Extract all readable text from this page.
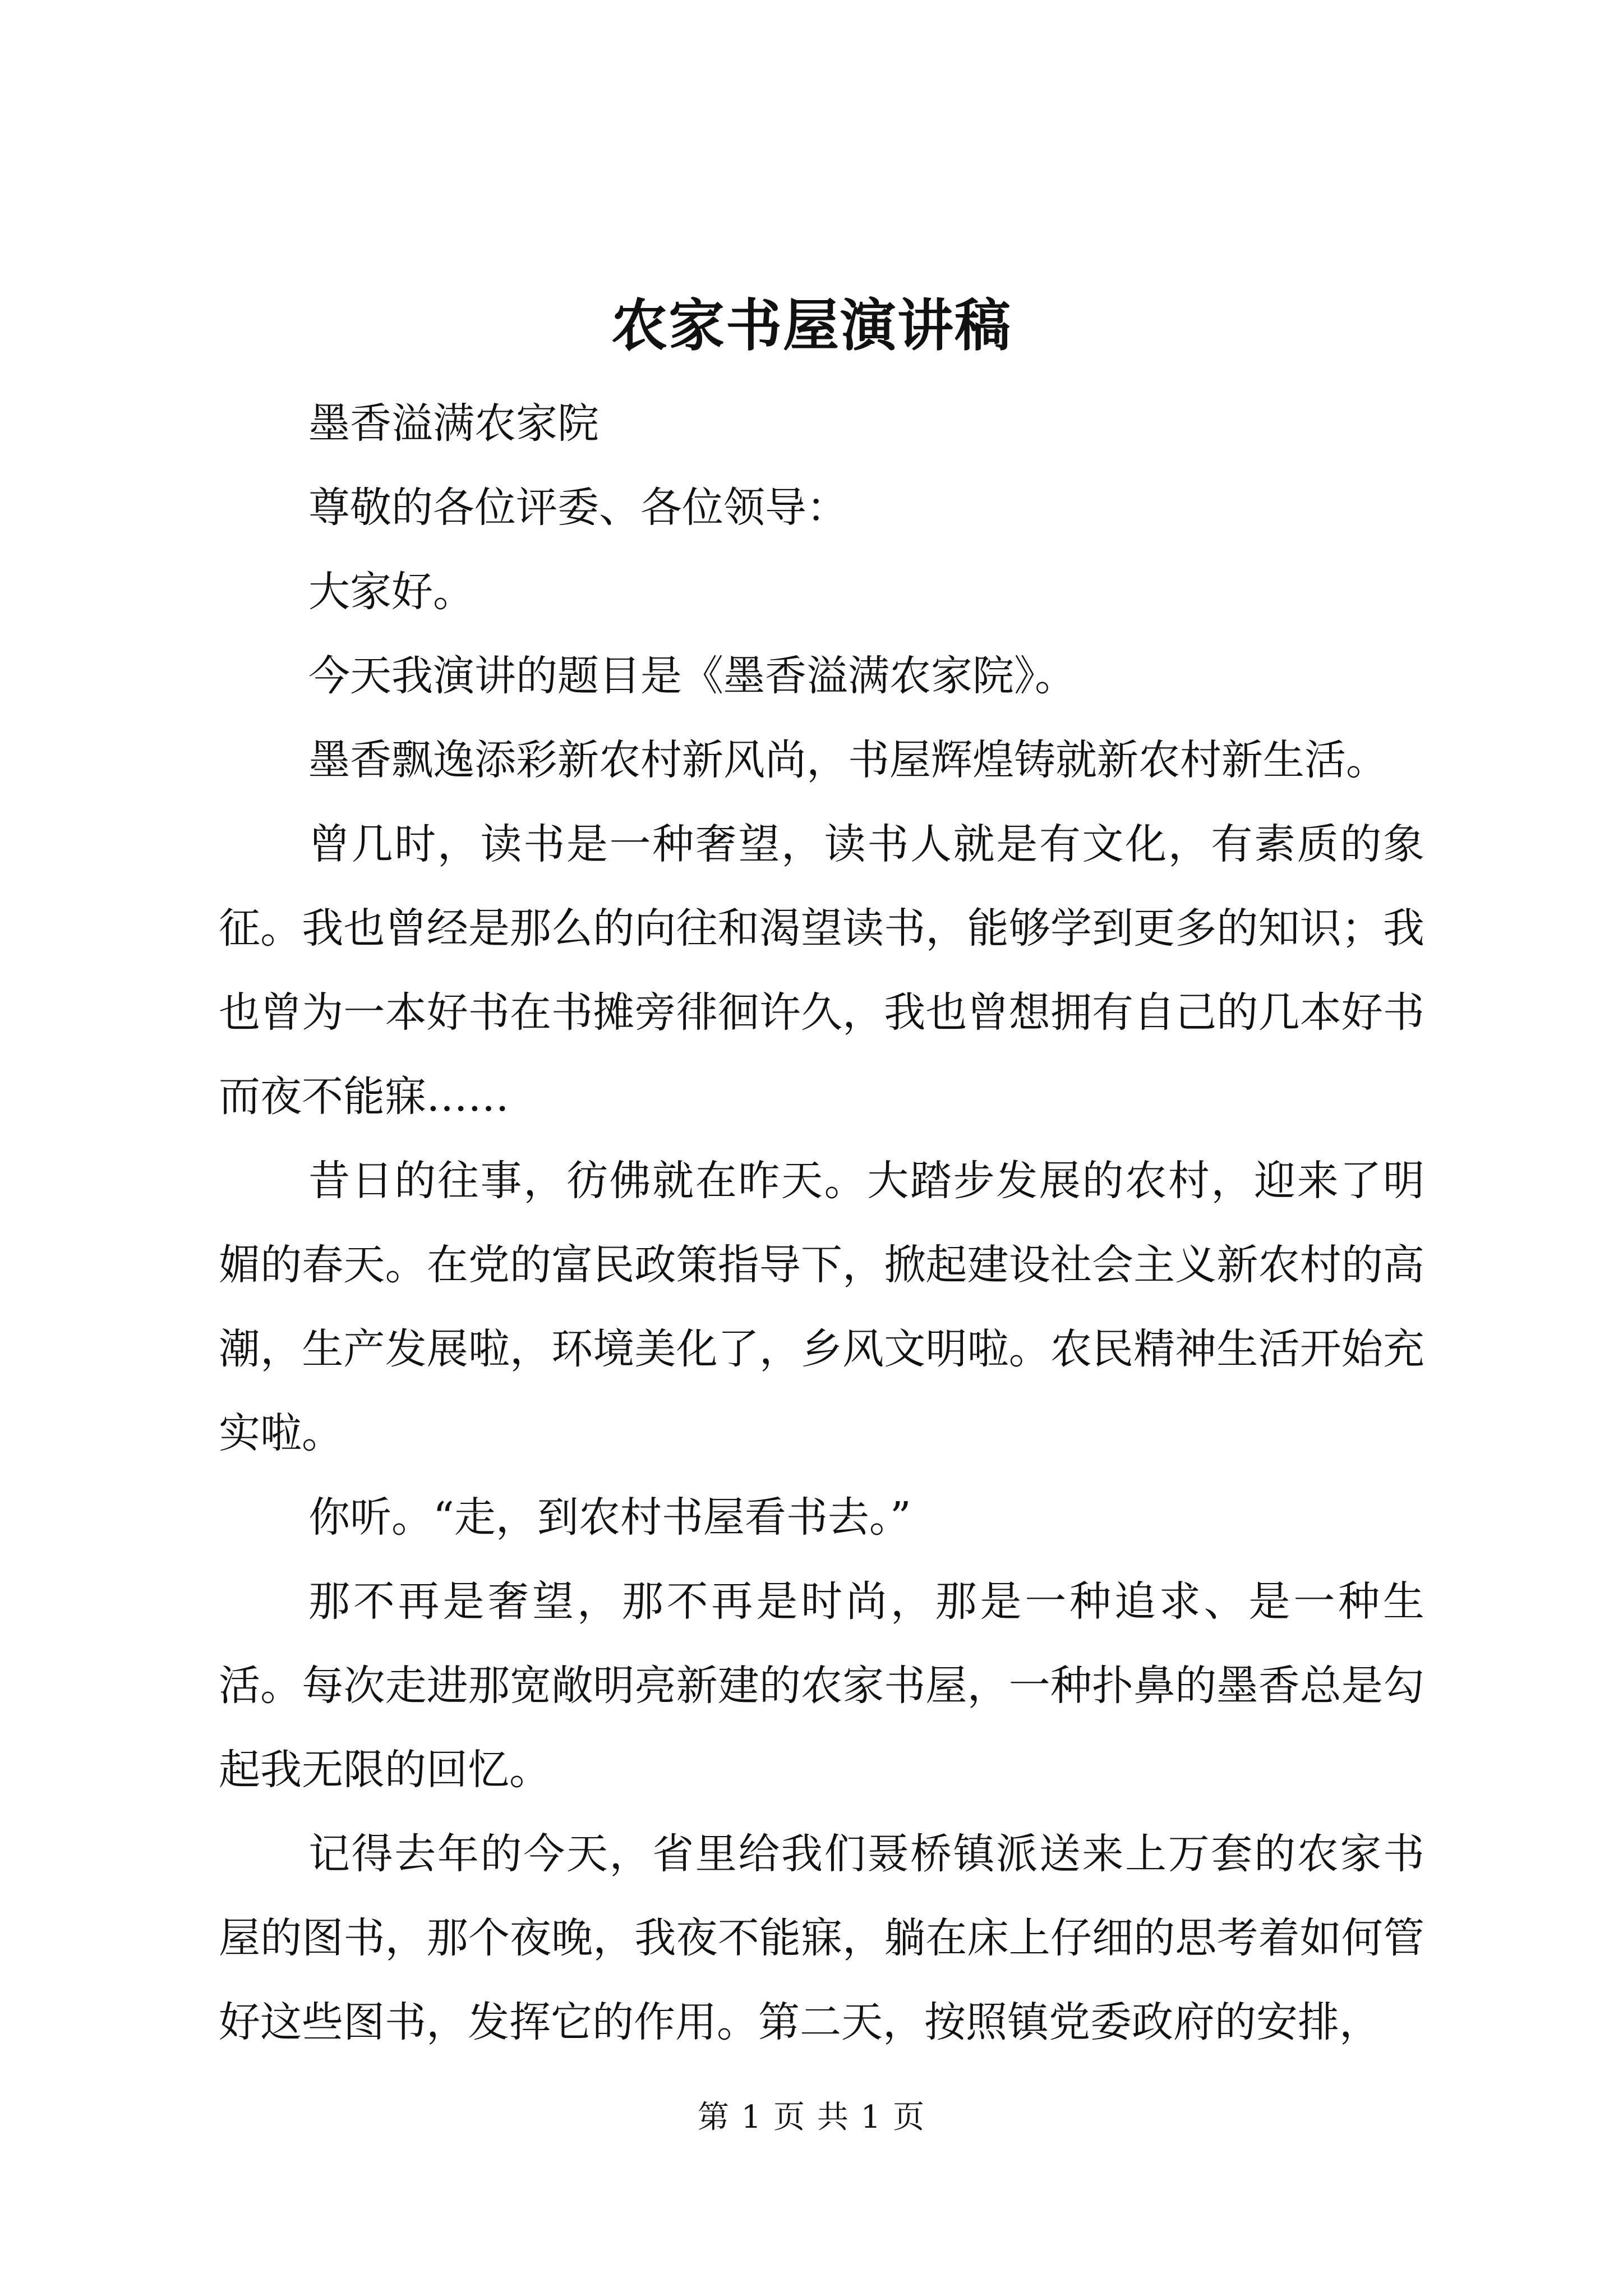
农家书屋演讲稿

墨香溢满农家院

尊敬的各位评委、各位领导：

大家好。

今天我演讲的题目是《墨香溢满农家院》。

墨香飘逸添彩新农村新风尚，书屋辉煌铸就新农村新生活。

曾几时，读书是一种奢望，读书人就是有文化，有素质的象征。我也曾经是那么的向往和渴望读书，能够学到更多的知识；我也曾为一本好书在书摊旁徘徊许久，我也曾想拥有自己的几本好书而夜不能寐……

昔日的往事，彷佛就在昨天。大踏步发展的农村，迎来了明媚的春天。在党的富民政策指导下，掀起建设社会主义新农村的高潮，生产发展啦，环境美化了，乡风文明啦。农民精神生活开始充实啦。

你听。“走，到农村书屋看书去。”

那不再是奢望，那不再是时尚，那是一种追求、是一种生活。每次走进那宽敞明亮新建的农家书屋，一种扑鼻的墨香总是勾起我无限的回忆。

记得去年的今天，省里给我们聂桥镇派送来上万套的农家书屋的图书，那个夜晚，我夜不能寐，躺在床上仔细的思考着如何管好这些图书，发挥它的作用。第二天，按照镇党委政府的安排，

第 1 页 共 1 页
